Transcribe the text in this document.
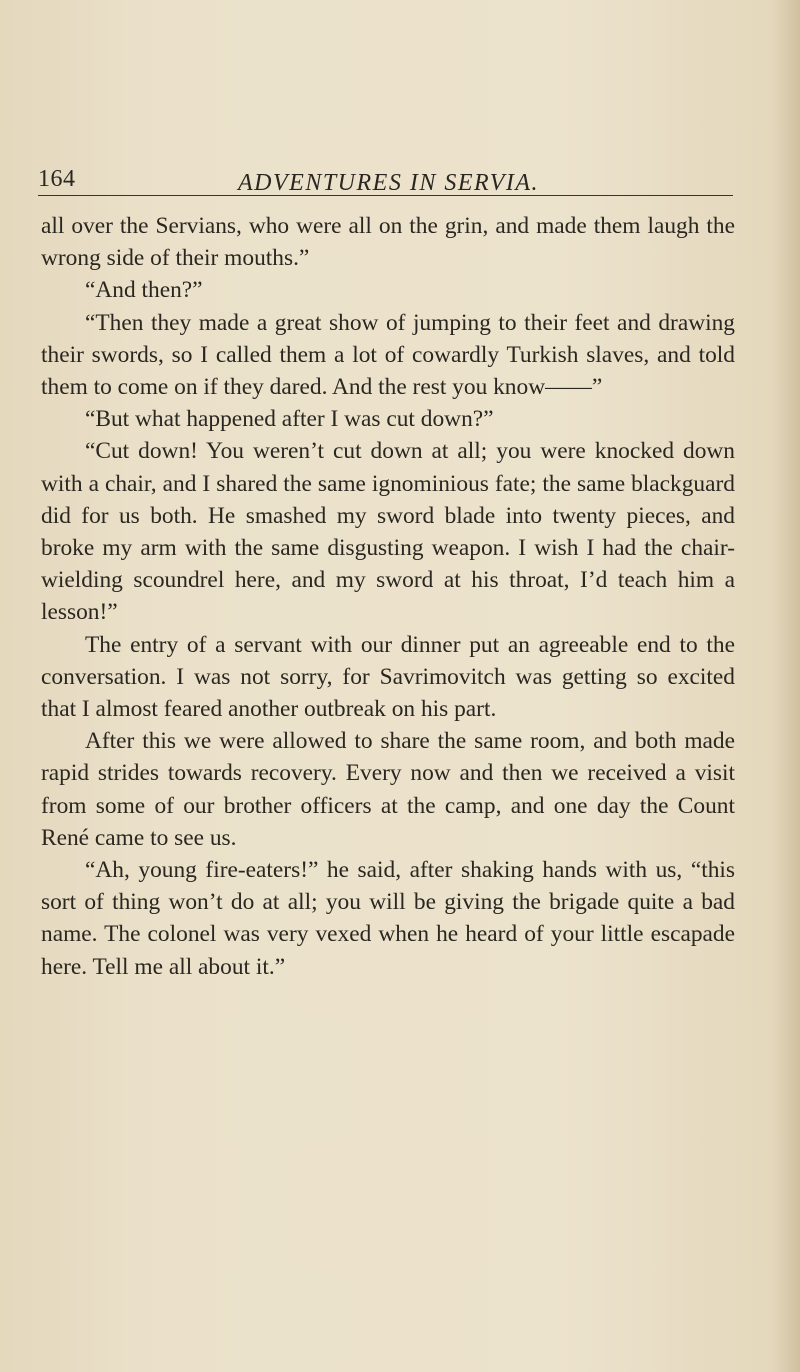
164	ADVENTURES IN SERVIA.

all over the Servians, who were all on the grin, and made them laugh the wrong side of their mouths.”

“And then?”

“Then they made a great show of jumping to their feet and drawing their swords, so I called them a lot of cowardly Turkish slaves, and told them to come on if they dared. And the rest you know——”

“But what happened after I was cut down?”

“Cut down! You weren’t cut down at all; you were knocked down with a chair, and I shared the same ignominious fate; the same blackguard did for us both. He smashed my sword blade into twenty pieces, and broke my arm with the same disgusting weapon. I wish I had the chair-wielding scoundrel here, and my sword at his throat, I’d teach him a lesson!”

The entry of a servant with our dinner put an agreeable end to the conversation. I was not sorry, for Savrimovitch was getting so excited that I almost feared another outbreak on his part.

After this we were allowed to share the same room, and both made rapid strides towards recovery. Every now and then we received a visit from some of our brother officers at the camp, and one day the Count René came to see us.

“Ah, young fire-eaters!” he said, after shaking hands with us, “this sort of thing won’t do at all; you will be giving the brigade quite a bad name. The colonel was very vexed when he heard of your little escapade here. Tell me all about it.”
